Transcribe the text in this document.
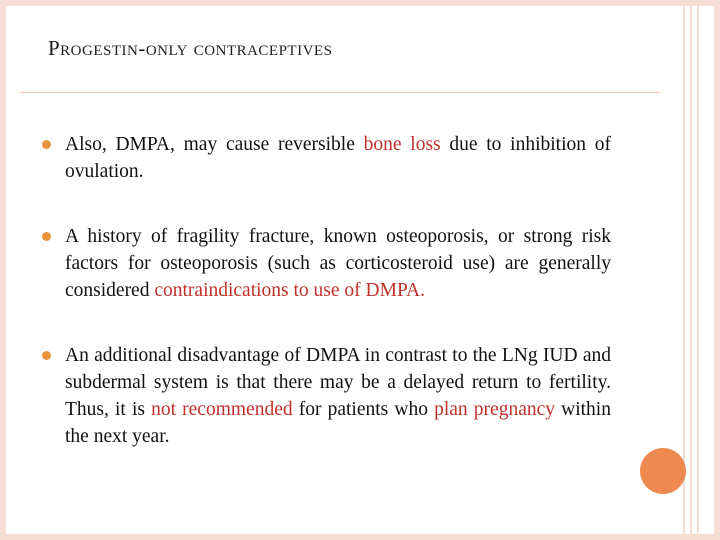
Progestin-only contraceptives
Also, DMPA, may cause reversible bone loss due to inhibition of ovulation.
A history of fragility fracture, known osteoporosis, or strong risk factors for osteoporosis (such as corticosteroid use) are generally considered contraindications to use of DMPA.
An additional disadvantage of DMPA in contrast to the LNg IUD and subdermal system is that there may be a delayed return to fertility. Thus, it is not recommended for patients who plan pregnancy within the next year.
